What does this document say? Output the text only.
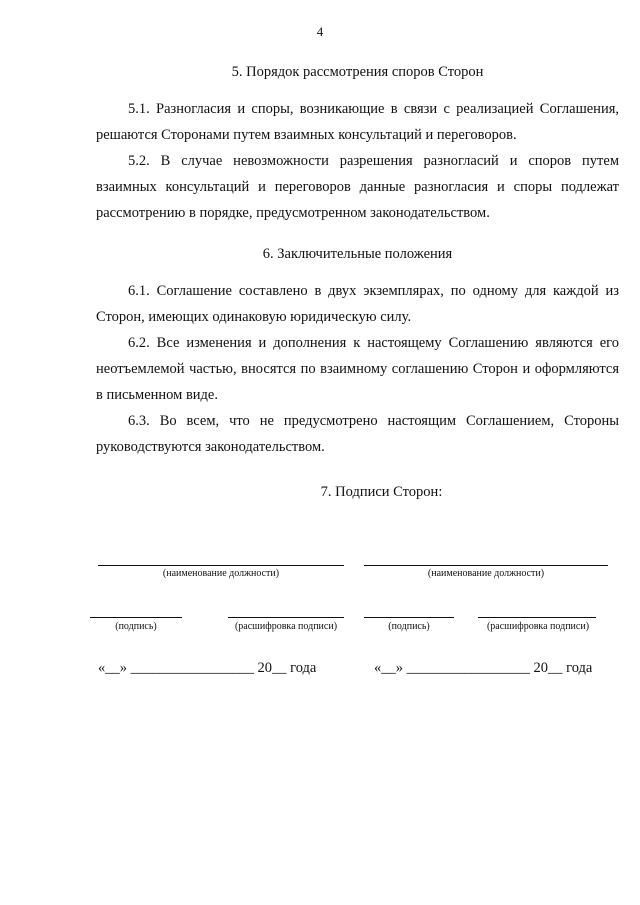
4
5. Порядок рассмотрения споров Сторон
5.1. Разногласия и споры, возникающие в связи с реализацией Соглашения, решаются Сторонами путем взаимных консультаций и переговоров.
5.2. В случае невозможности разрешения разногласий и споров путем взаимных консультаций и переговоров данные разногласия и споры подлежат рассмотрению в порядке, предусмотренном законодательством.
6. Заключительные положения
6.1. Соглашение составлено в двух экземплярах, по одному для каждой из Сторон, имеющих одинаковую юридическую силу.
6.2. Все изменения и дополнения к настоящему Соглашению являются его неотъемлемой частью, вносятся по взаимному соглашению Сторон и оформляются в письменном виде.
6.3. Во всем, что не предусмотрено настоящим Соглашением, Стороны руководствуются законодательством.
7. Подписи Сторон:
(наименование должности)
(подпись)	(расшифровка подписи)
«__» _________________ 20__ года
(наименование должности)
(подпись)	(расшифровка подписи)
«__» _________________ 20__ года
